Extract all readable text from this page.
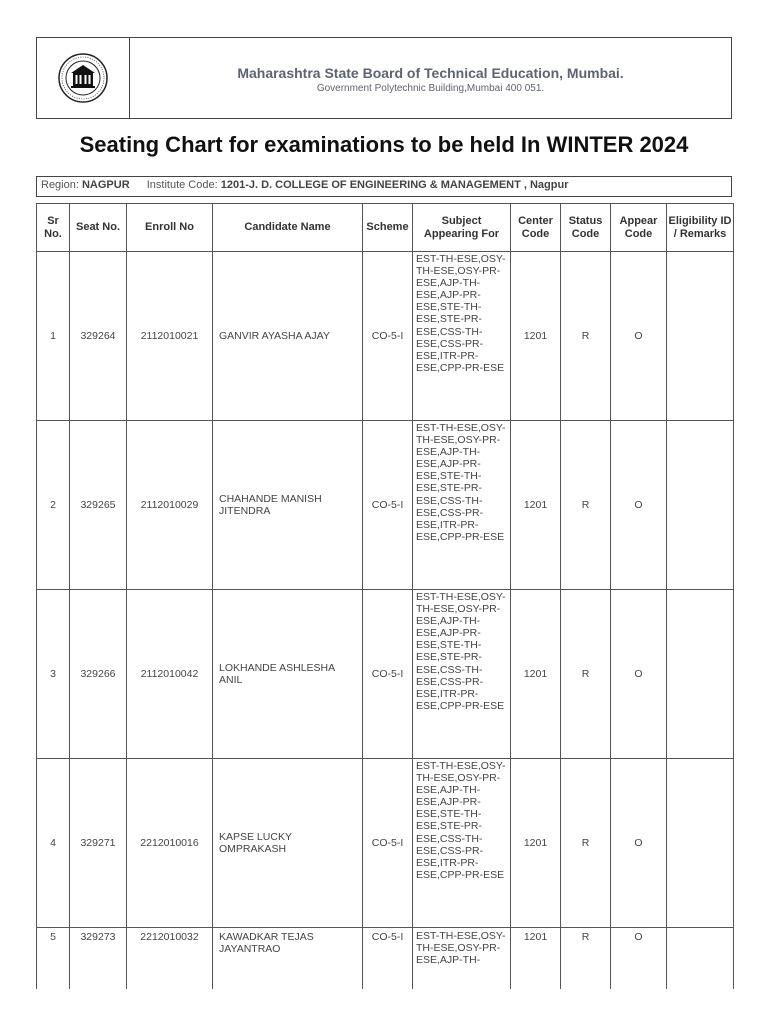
Maharashtra State Board of Technical Education, Mumbai.
Government Polytechnic Building,Mumbai 400 051.
Seating Chart for examinations to be held In WINTER 2024
Region: NAGPUR Institute Code: 1201-J. D. COLLEGE OF ENGINEERING & MANAGEMENT , Nagpur
Sr No.	Seat No.	Enroll No	Candidate Name	Scheme	Subject Appearing For	Center Code	Status Code	Appear Code	Eligibility ID / Remarks
1	329264	2112010021	GANVIR AYASHA AJAY	CO-5-I	EST-TH-ESE,OSY-TH-ESE,OSY-PR-ESE,AJP-TH-ESE,AJP-PR-ESE,STE-TH-ESE,STE-PR-ESE,CSS-TH-ESE,CSS-PR-ESE,ITR-PR-ESE,CPP-PR-ESE	1201	R	O	
2	329265	2112010029	CHAHANDE MANISH JITENDRA	CO-5-I	EST-TH-ESE,OSY-TH-ESE,OSY-PR-ESE,AJP-TH-ESE,AJP-PR-ESE,STE-TH-ESE,STE-PR-ESE,CSS-TH-ESE,CSS-PR-ESE,ITR-PR-ESE,CPP-PR-ESE	1201	R	O	
3	329266	2112010042	LOKHANDE ASHLESHA ANIL	CO-5-I	EST-TH-ESE,OSY-TH-ESE,OSY-PR-ESE,AJP-TH-ESE,AJP-PR-ESE,STE-TH-ESE,STE-PR-ESE,CSS-TH-ESE,CSS-PR-ESE,ITR-PR-ESE,CPP-PR-ESE	1201	R	O	
4	329271	2212010016	KAPSE LUCKY OMPRAKASH	CO-5-I	EST-TH-ESE,OSY-TH-ESE,OSY-PR-ESE,AJP-TH-ESE,AJP-PR-ESE,STE-TH-ESE,STE-PR-ESE,CSS-TH-ESE,CSS-PR-ESE,ITR-PR-ESE,CPP-PR-ESE	1201	R	O	
5	329273	2212010032	KAWADKAR TEJAS JAYANTRAO	CO-5-I	EST-TH-ESE,OSY-TH-ESE,OSY-PR-ESE,AJP-TH-	1201	R	O	
